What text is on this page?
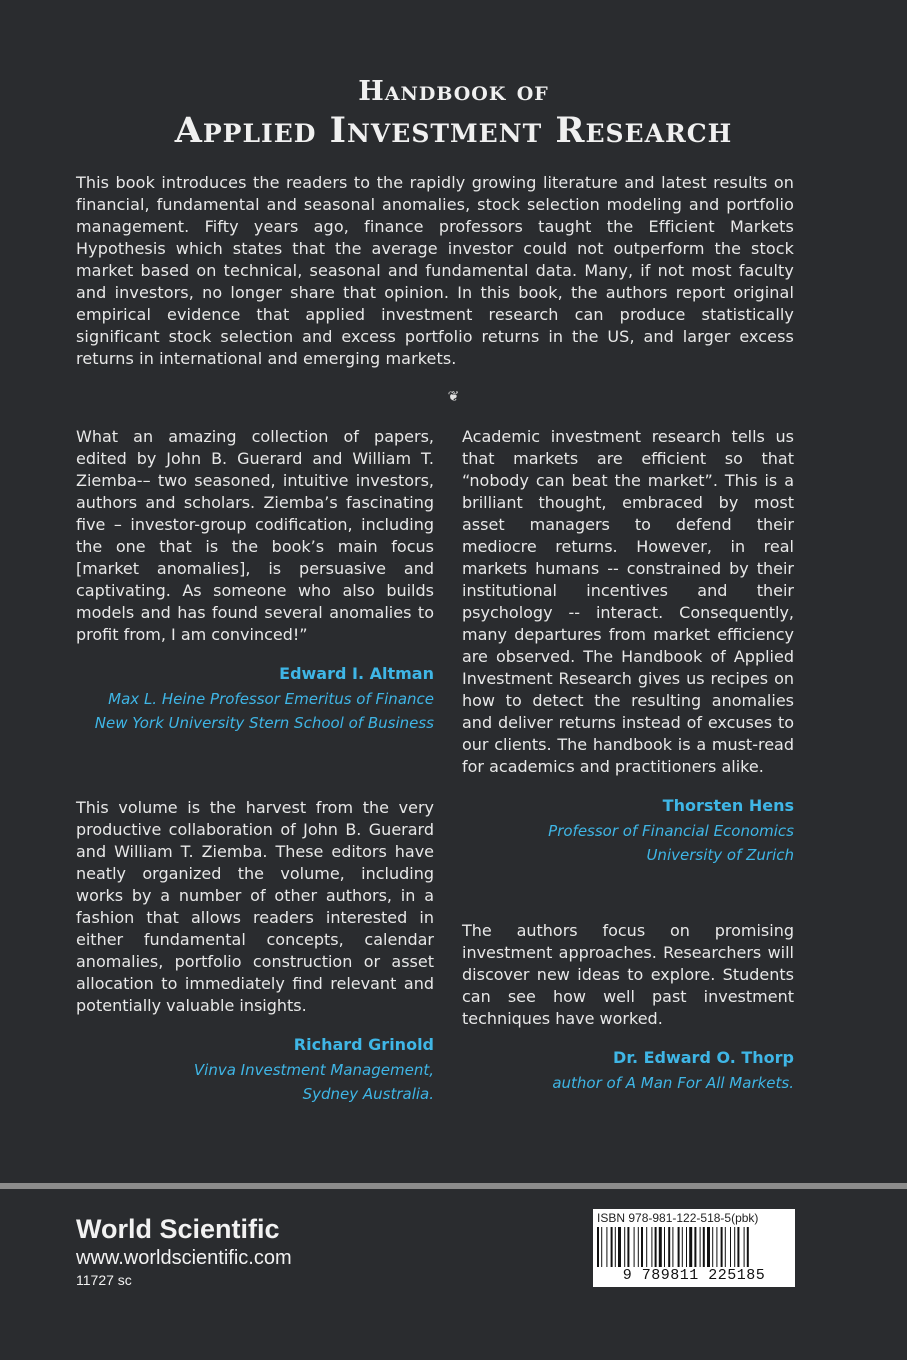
Handbook of
Applied Investment Research

This book introduces the readers to the rapidly growing literature and latest results on financial, fundamental and seasonal anomalies, stock selection modeling and portfolio management. Fifty years ago, finance professors taught the Efficient Markets Hypothesis which states that the average investor could not outperform the stock market based on technical, seasonal and fundamental data. Many, if not most faculty and investors, no longer share that opinion. In this book, the authors report original empirical evidence that applied investment research can produce statistically significant stock selection and excess portfolio returns in the US, and larger excess returns in international and emerging markets.

❦

What an amazing collection of papers, edited by John B. Guerard and William T. Ziemba-– two seasoned, intuitive investors, authors and scholars. Ziemba’s fascinating five – investor-group codification, including the one that is the book’s main focus [market anomalies], is persuasive and captivating. As someone who also builds models and has found several anomalies to profit from, I am convinced!”

Edward I. Altman

Max L. Heine Professor Emeritus of Finance

New York University Stern School of Business

This volume is the harvest from the very productive collaboration of John B. Guerard and William T. Ziemba. These editors have neatly organized the volume, including works by a number of other authors, in a fashion that allows readers interested in either fundamental concepts, calendar anomalies, portfolio construction or asset allocation to immediately find relevant and potentially valuable insights.

Richard Grinold

Vinva Investment Management,

Sydney Australia.

Academic investment research tells us that markets are efficient so that “nobody can beat the market”. This is a brilliant thought, embraced by most asset managers to defend their mediocre returns. However, in real markets humans -- constrained by their institutional incentives and their psychology -- interact. Consequently, many departures from market efficiency are observed. The Handbook of Applied Investment Research gives us recipes on how to detect the resulting anomalies and deliver returns instead of excuses to our clients. The handbook is a must-read for academics and practitioners alike.

Thorsten Hens

Professor of Financial Economics

University of Zurich

The authors focus on promising investment approaches. Researchers will discover new ideas to explore. Students can see how well past investment techniques have worked.

Dr. Edward O. Thorp

author of A Man For All Markets.

World Scientific

www.worldscientific.com

11727 sc

ISBN 978-981-122-518-5(pbk)
9 789811 225185
